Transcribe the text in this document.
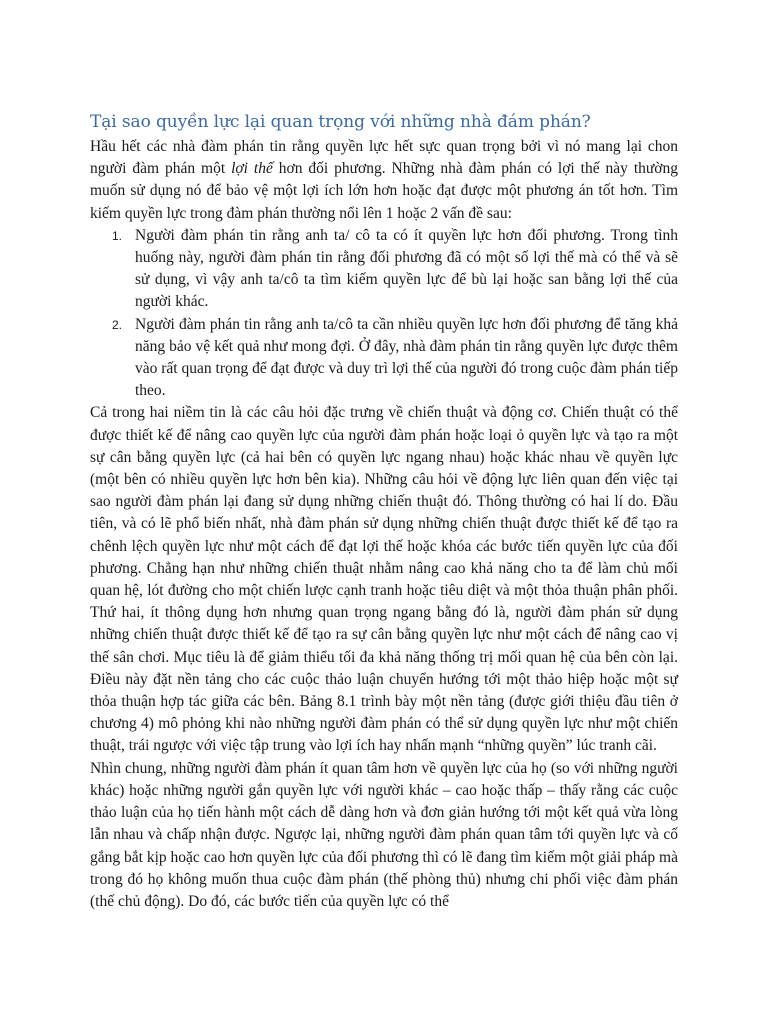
Tại sao quyền lực lại quan trọng với những nhà đám phán?

Hầu hết các nhà đàm phán tin rằng quyền lực hết sực quan trọng bởi vì nó mang lại chon người đàm phán một lợi thế hơn đối phương. Những nhà đàm phán có lợi thế này thường muốn sử dụng nó để bảo vệ một lợi ích lớn hơn hoặc đạt được một phương án tốt hơn. Tìm kiếm quyền lực trong đàm phán thường nổi lên 1 hoặc 2 vấn đề sau:

1. Người đàm phán tin rằng anh ta/ cô ta có ít quyền lực hơn đối phương. Trong tình huống này, người đàm phán tin rằng đối phương đã có một số lợi thế mà có thể và sẽ sử dụng, vì vậy anh ta/cô ta tìm kiếm quyền lực để bù lại hoặc san bằng lợi thế của người khác.
2. Người đàm phán tin rằng anh ta/cô ta cần nhiều quyền lực hơn đối phương để tăng khả năng bảo vệ kết quả như mong đợi. Ở đây, nhà đàm phán tin rằng quyền lực được thêm vào rất quan trọng để đạt được và duy trì lợi thế của người đó trong cuộc đàm phán tiếp theo.

Cả trong hai niềm tin là các câu hỏi đặc trưng về chiến thuật và động cơ. Chiến thuật có thể được thiết kế để nâng cao quyền lực của người đàm phán hoặc loại ỏ quyền lực và tạo ra một sự cân bằng quyền lực (cả hai bên có quyền lực ngang nhau) hoặc khác nhau về quyền lực (một bên có nhiều quyền lực hơn bên kia). Những câu hỏi về động lực liên quan đến việc tại sao người đàm phán lại đang sử dụng những chiến thuật đó. Thông thường có hai lí do. Đầu tiên, và có lẽ phổ biến nhất, nhà đàm phán sử dụng những chiến thuật được thiết kế để tạo ra chênh lệch quyền lực như một cách để đạt lợi thế hoặc khóa các bước tiến quyền lực của đối phương. Chẳng hạn như những chiến thuật nhằm nâng cao khả năng cho ta để làm chủ mối quan hệ, lót đường cho một chiến lược cạnh tranh hoặc tiêu diệt và một thỏa thuận phân phối. Thứ hai, ít thông dụng hơn nhưng quan trọng ngang bằng đó là, người đàm phán sử dụng những chiến thuật được thiết kế để tạo ra sự cân bằng quyền lực như một cách để nâng cao vị thế sân chơi. Mục tiêu là để giảm thiểu tối đa khả năng thống trị mối quan hệ của bên còn lại. Điều này đặt nền tảng cho các cuộc thảo luận chuyển hướng tới một thảo hiệp hoặc một sự thỏa thuận hợp tác giữa các bên. Bảng 8.1 trình bày một nền tảng (được giới thiệu đầu tiên ở chương 4) mô phỏng khi nào những người đàm phán có thể sử dụng quyền lực như một chiến thuật, trái ngược với việc tập trung vào lợi ích hay nhấn mạnh “những quyền” lúc tranh cãi.

Nhìn chung, những người đàm phán ít quan tâm hơn về quyền lực của họ (so với những người khác) hoặc những người gắn quyền lực với người khác – cao hoặc thấp – thấy rằng các cuộc thảo luận của họ tiến hành một cách dễ dàng hơn và đơn giản hướng tới một kết quả vừa lòng lẫn nhau và chấp nhận được. Ngược lại, những người đàm phán quan tâm tới quyền lực và cố gắng bắt kịp hoặc cao hơn quyền lực của đối phương thì có lẽ đang tìm kiếm một giải pháp mà trong đó họ không muốn thua cuộc đàm phán (thế phòng thủ) nhưng chi phối việc đàm phán (thế chủ động). Do đó, các bước tiến của quyền lực có thể
